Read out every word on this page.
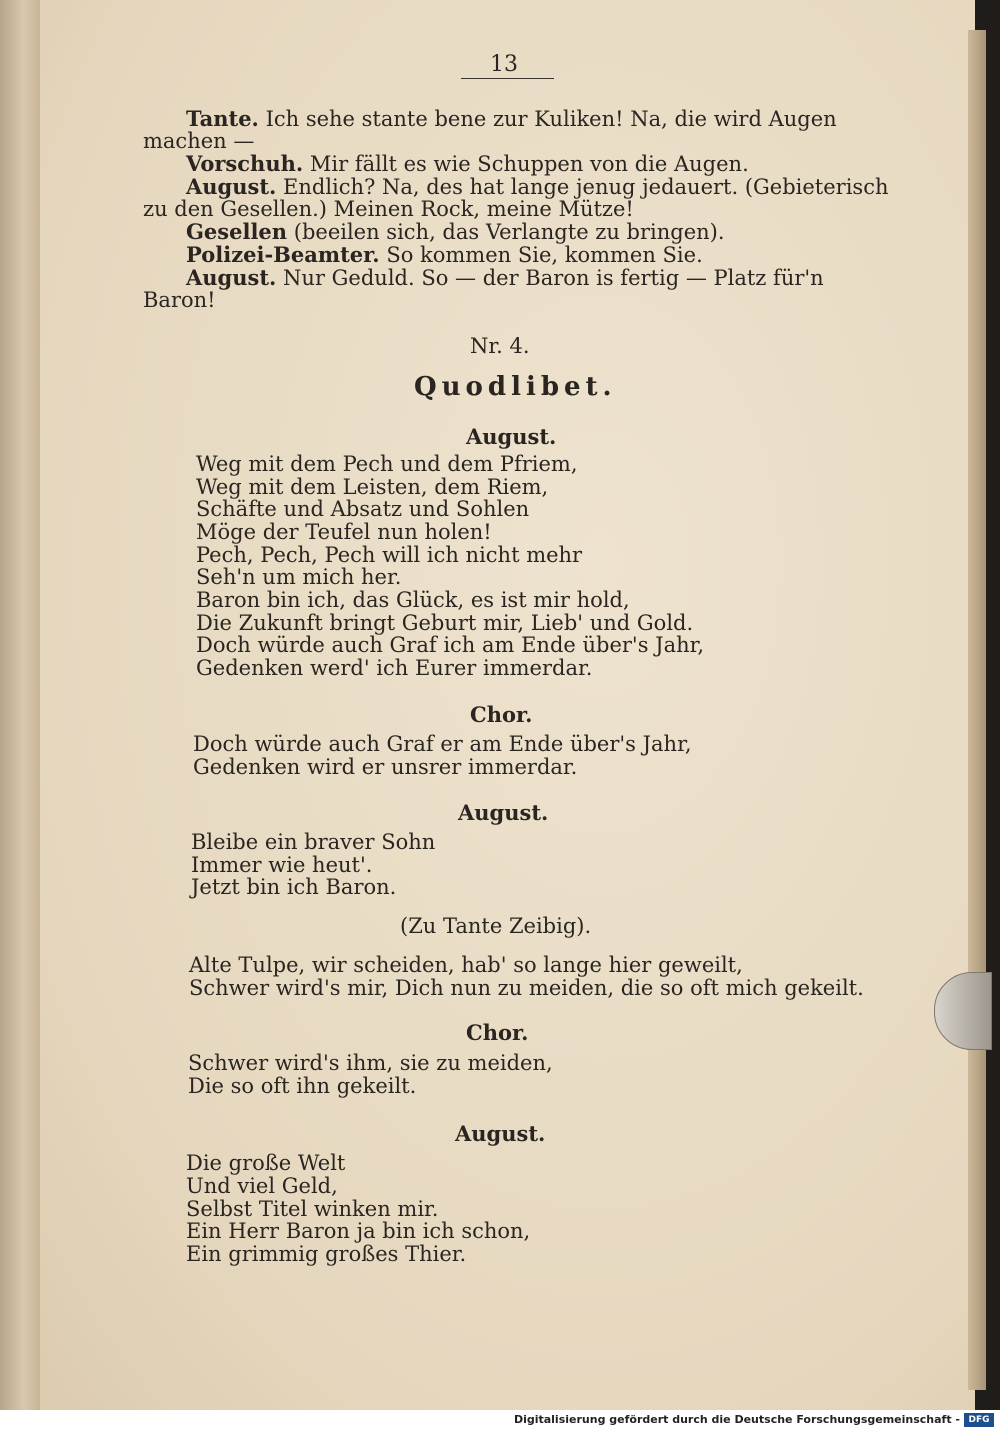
13
Tante. Ich sehe stante bene zur Kuliken! Na, die wird Augen
machen —
Vorschuh. Mir fällt es wie Schuppen von die Augen.
August. Endlich? Na, des hat lange jenug jedauert. (Gebieterisch
zu den Gesellen.) Meinen Rock, meine Mütze!
Gesellen (beeilen sich, das Verlangte zu bringen).
Polizei-Beamter. So kommen Sie, kommen Sie.
August. Nur Geduld. So — der Baron is fertig — Platz für'n
Baron!
Nr. 4.
Quodlibet.
August.
Weg mit dem Pech und dem Pfriem,
Weg mit dem Leisten, dem Riem,
Schäfte und Absatz und Sohlen
Möge der Teufel nun holen!
Pech, Pech, Pech will ich nicht mehr
Seh'n um mich her.
Baron bin ich, das Glück, es ist mir hold,
Die Zukunft bringt Geburt mir, Lieb' und Gold.
Doch würde auch Graf ich am Ende über's Jahr,
Gedenken werd' ich Eurer immerdar.
Chor.
Doch würde auch Graf er am Ende über's Jahr,
Gedenken wird er unsrer immerdar.
August.
Bleibe ein braver Sohn
Immer wie heut'.
Jetzt bin ich Baron.
(Zu Tante Zeibig).
Alte Tulpe, wir scheiden, hab' so lange hier geweilt,
Schwer wird's mir, Dich nun zu meiden, die so oft mich gekeilt.
Chor.
Schwer wird's ihm, sie zu meiden,
Die so oft ihn gekeilt.
August.
Die große Welt
Und viel Geld,
Selbst Titel winken mir.
Ein Herr Baron ja bin ich schon,
Ein grimmig großes Thier.
Digitalisierung gefördert durch die Deutsche Forschungsgemeinschaft - DFG
